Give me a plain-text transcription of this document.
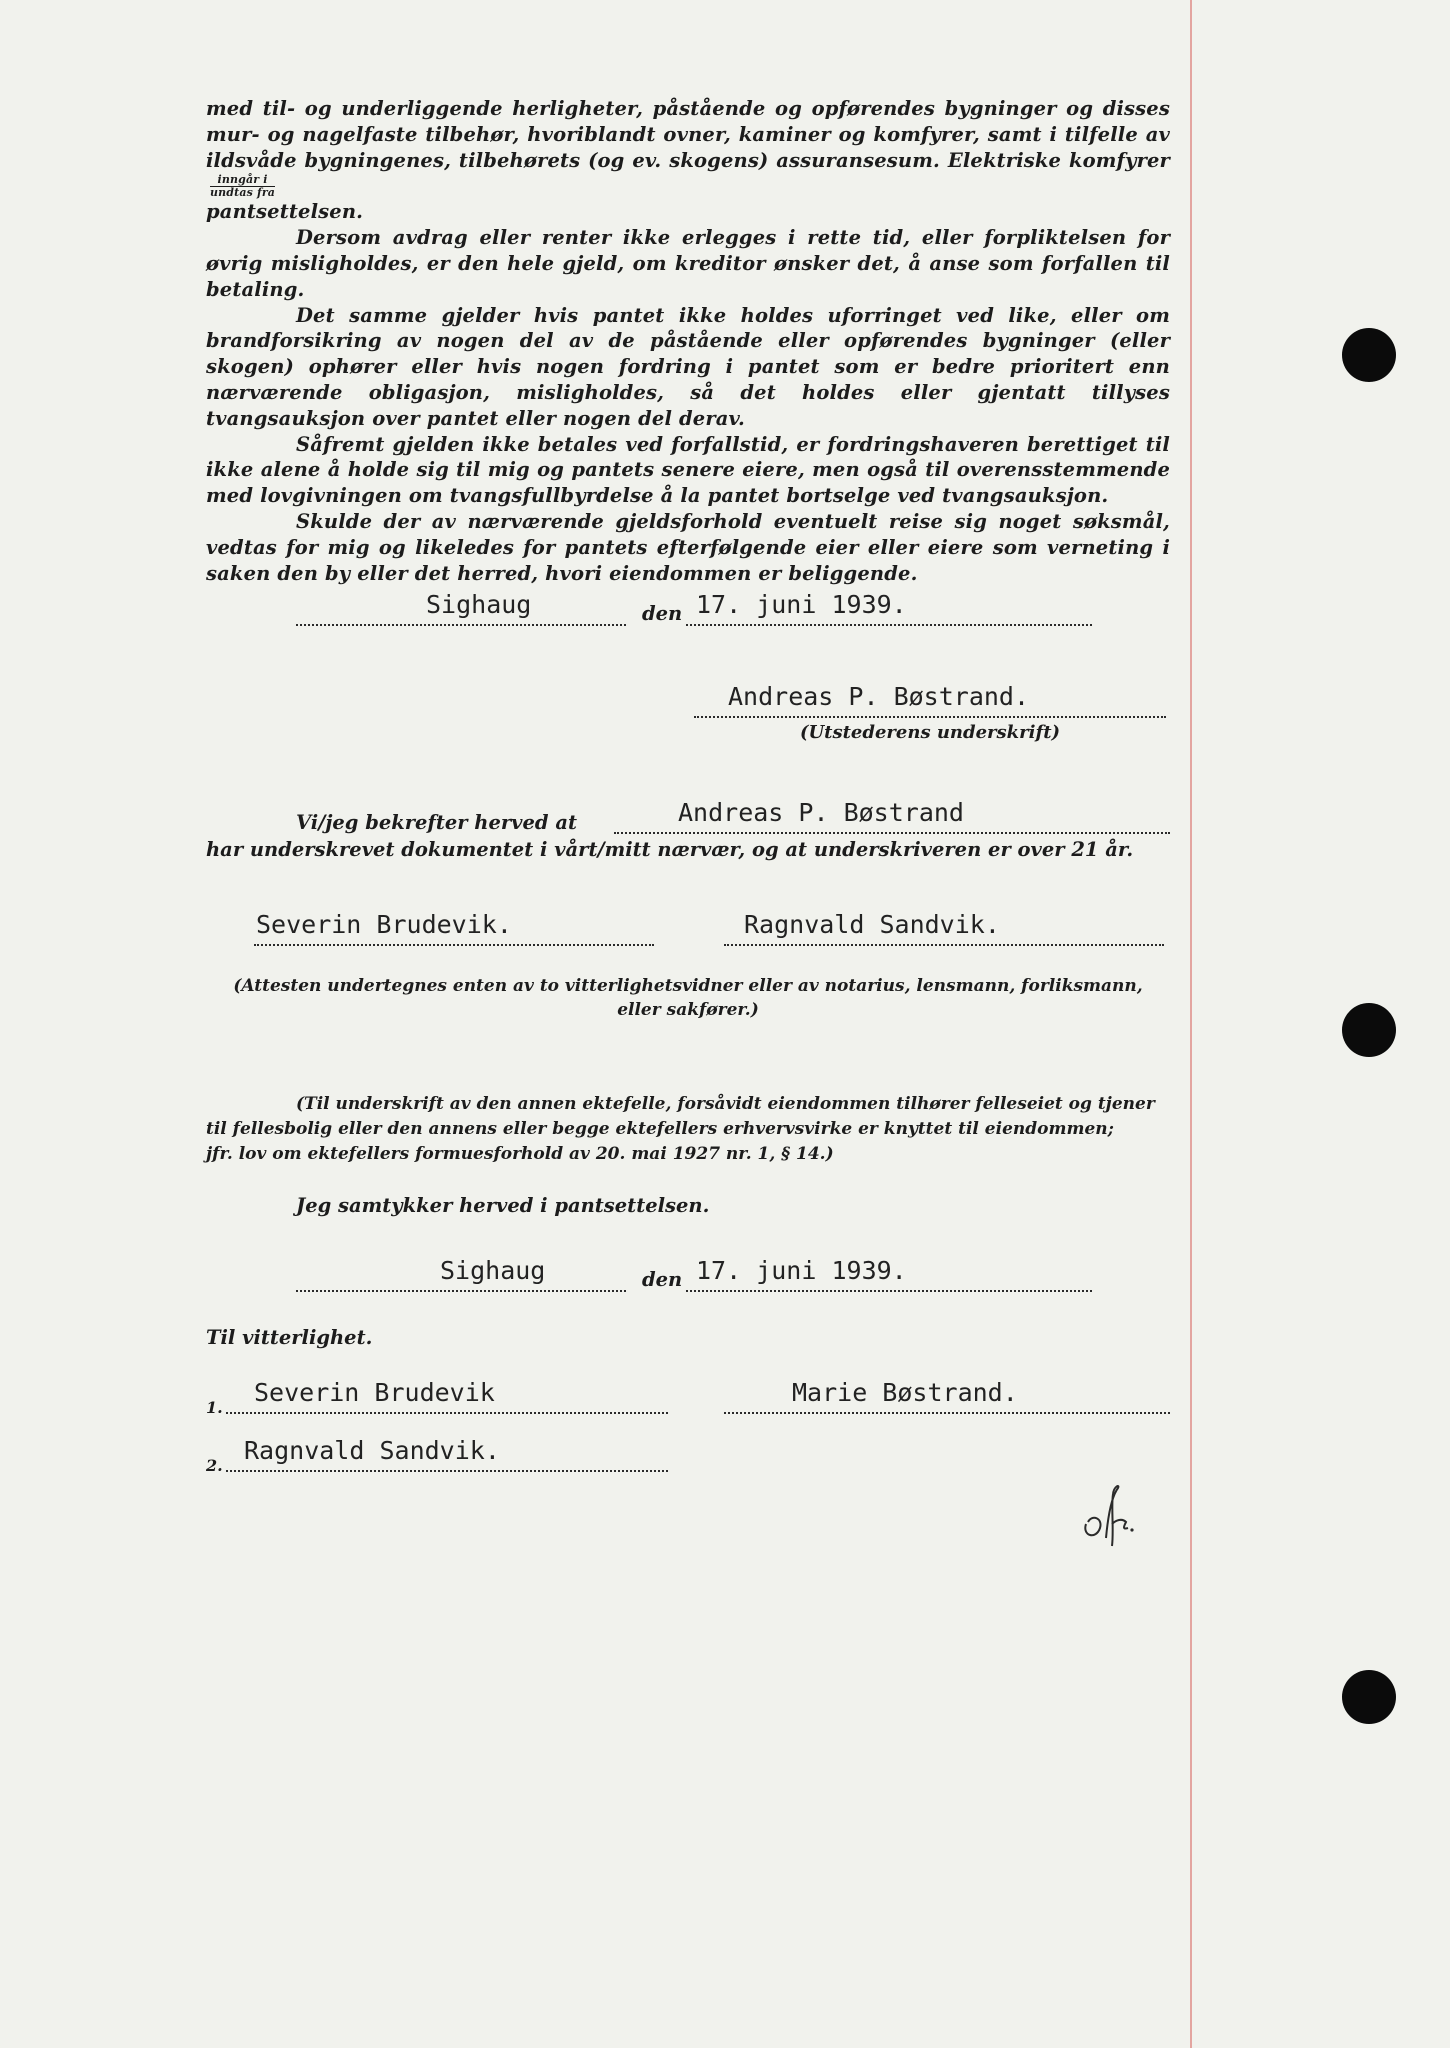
med til- og underliggende herligheter, påstående og opførendes bygninger og disses mur- og nagelfaste tilbehør, hvoriblandt ovner, kaminer og komfyrer, samt i tilfelle av ildsvåde bygningenes, tilbehørets (og ev. skogens) assuransesum. Elektriske komfyrer
$\frac{\text{inngår i}}{\text{undtas fra}}$

pantsettelsen.

Dersom avdrag eller renter ikke erlegges i rette tid, eller forpliktelsen for øvrig misligholdes, er den hele gjeld, om kreditor ønsker det, å anse som forfallen til betaling.

Det samme gjelder hvis pantet ikke holdes uforringet ved like, eller om brandforsikring av nogen del av de påstående eller opførendes bygninger (eller skogen) ophører eller hvis nogen fordring i pantet som er bedre prioritert enn nærværende obligasjon, misligholdes, så det holdes eller gjentatt tillyses tvangsauksjon over pantet eller nogen del derav.

Såfremt gjelden ikke betales ved forfallstid, er fordringshaveren berettiget til ikke alene å holde sig til mig og pantets senere eiere, men også til overensstemmende med lovgivningen om tvangsfullbyrdelse å la pantet bortselge ved tvangsauksjon.

Skulde der av nærværende gjeldsforhold eventuelt reise sig noget søksmål, vedtas for mig og likeledes for pantets efterfølgende eier eller eiere som verneting i saken den by eller det herred, hvori eiendommen er beliggende.

Sighaug	den 17. juni 1939.
Andreas P. Bøstrand.
(Utstederens underskrift)
Vi/jeg bekrefter herved at	Andreas P. Bøstrand
har underskrevet dokumentet i vårt/mitt nærvær, og at underskriveren er over 21 år.
Severin Brudevik.	Ragnvald Sandvik.
(Attesten undertegnes enten av to vitterlighetsvidner eller av notarius, lensmann, forliksmann,
eller sakfører.)
(Til underskrift av den annen ektefelle, forsåvidt eiendommen tilhører felleseiet og tjener
til fellesbolig eller den annens eller begge ektefellers erhvervsvirke er knyttet til eiendommen;
jfr. lov om ektefellers formuesforhold av 20. mai 1927 nr. 1, § 14.)
Jeg samtykker herved i pantsettelsen.
Sighaug	den 17. juni 1939.
Til vitterlighet.
1.
Severin Brudevik	Marie Bøstrand.
2.
Ragnvald Sandvik.
